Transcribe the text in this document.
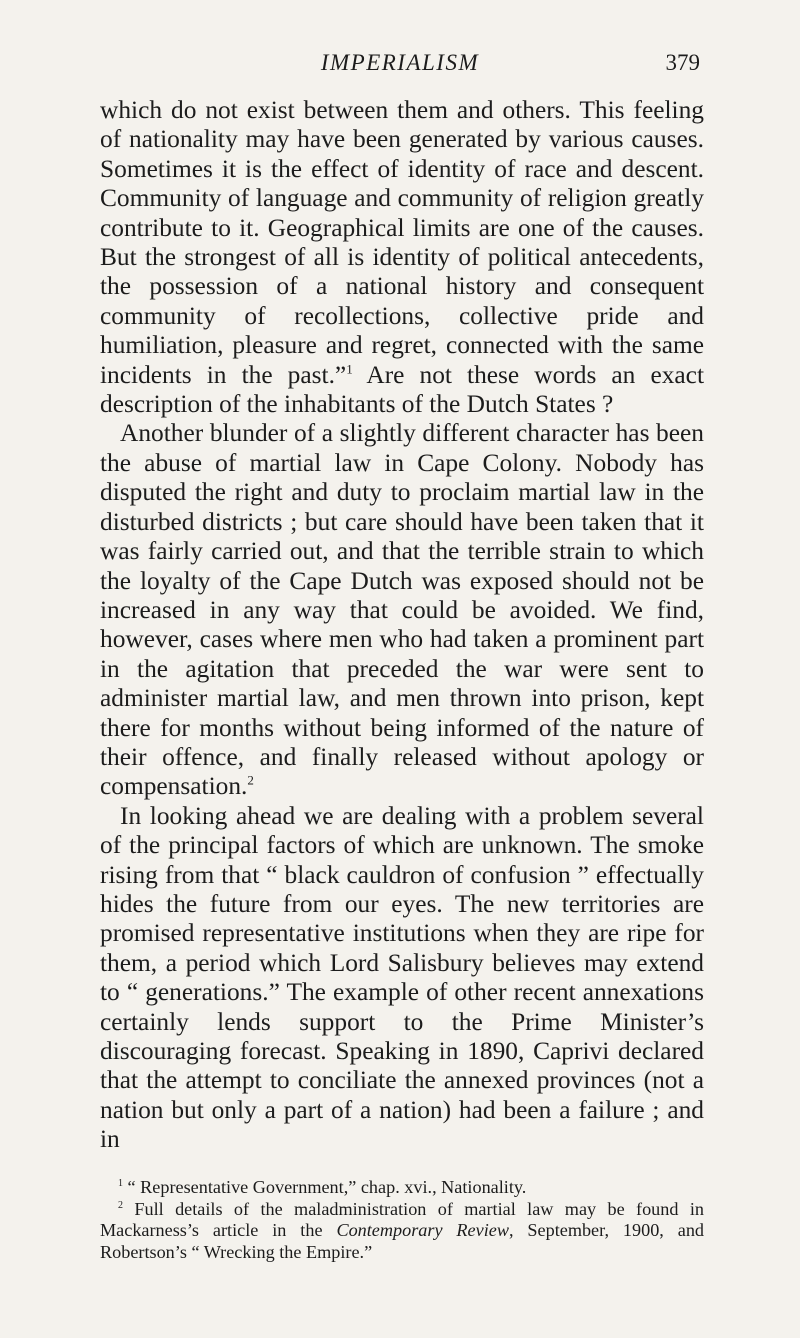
IMPERIALISM	379

which do not exist between them and others. This feeling of nationality may have been generated by various causes. Sometimes it is the effect of identity of race and descent. Community of language and community of religion greatly contribute to it. Geographical limits are one of the causes. But the strongest of all is identity of political antecedents, the possession of a national history and consequent community of recollections, collective pride and humiliation, pleasure and regret, connected with the same incidents in the past.”$^1$ Are not these words an exact description of the inhabitants of the Dutch States ?

Another blunder of a slightly different character has been the abuse of martial law in Cape Colony. Nobody has disputed the right and duty to proclaim martial law in the disturbed districts ; but care should have been taken that it was fairly carried out, and that the terrible strain to which the loyalty of the Cape Dutch was exposed should not be increased in any way that could be avoided. We find, however, cases where men who had taken a prominent part in the agitation that preceded the war were sent to administer martial law, and men thrown into prison, kept there for months without being informed of the nature of their offence, and finally released without apology or compensation.$^2$

In looking ahead we are dealing with a problem several of the principal factors of which are unknown. The smoke rising from that “ black cauldron of confusion ” effectually hides the future from our eyes. The new territories are promised representative institutions when they are ripe for them, a period which Lord Salisbury believes may extend to “ generations.” The example of other recent annexations certainly lends support to the Prime Minister’s discouraging forecast. Speaking in 1890, Caprivi declared that the attempt to conciliate the annexed provinces (not a nation but only a part of a nation) had been a failure ; and in

$^1$ “ Representative Government,” chap. xvi., Nationality.

$^2$ Full details of the maladministration of martial law may be found in Mackarness’s article in the Contemporary Review, September, 1900, and Robertson’s “ Wrecking the Empire.”
